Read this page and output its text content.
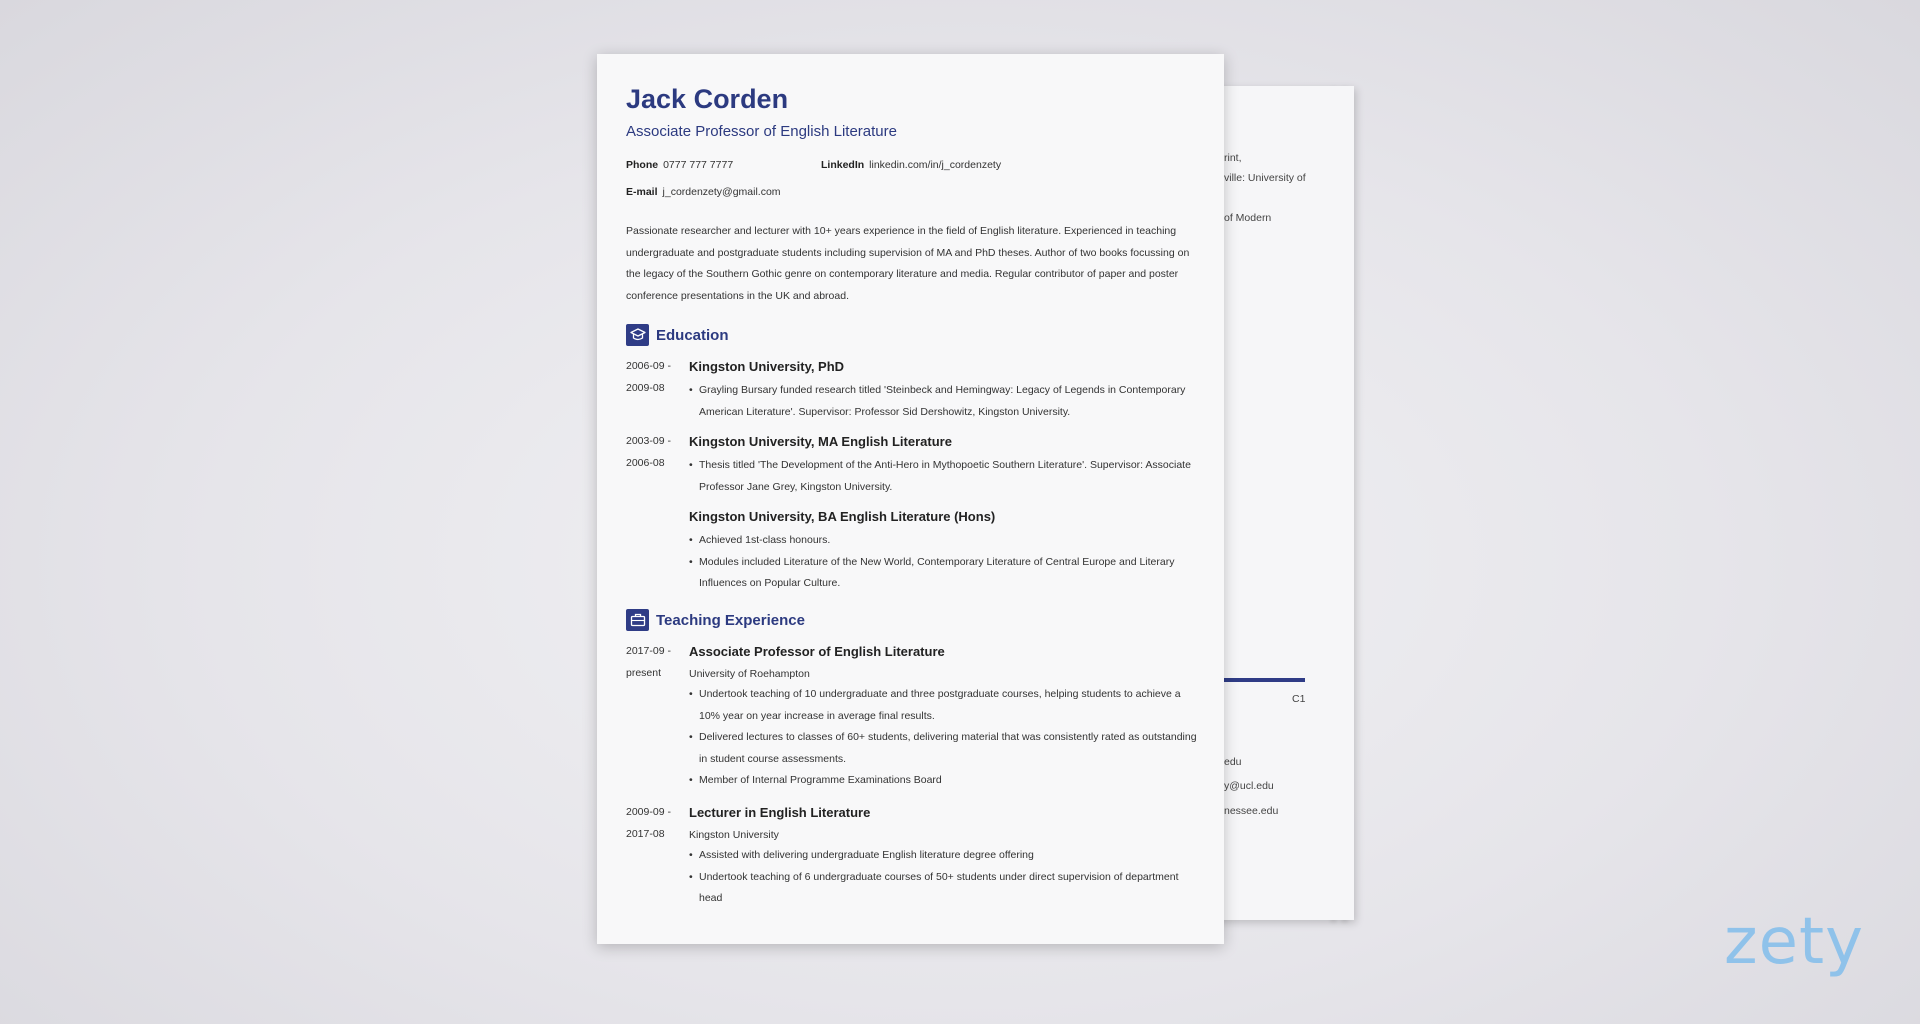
rint,
ville: University of
of Modern
C1
edu
y@ucl.edu
nessee.edu
Jack Corden
Associate Professor of English Literature
Phone 0777 777 7777	LinkedIn linkedin.com/in/j_cordenzety
E-mail j_cordenzety@gmail.com

Passionate researcher and lecturer with 10+ years experience in the field of English literature. Experienced in teaching undergraduate and postgraduate students including supervision of MA and PhD theses. Author of two books focussing on the legacy of the Southern Gothic genre on contemporary literature and media. Regular contributor of paper and poster conference presentations in the UK and abroad.

Education
2006-09 -
2009-08
Kingston University, PhD
• Grayling Bursary funded research titled 'Steinbeck and Hemingway: Legacy of Legends in Contemporary American Literature'. Supervisor: Professor Sid Dershowitz, Kingston University.
2003-09 -
2006-08
Kingston University, MA English Literature
• Thesis titled 'The Development of the Anti-Hero in Mythopoetic Southern Literature'. Supervisor: Associate Professor Jane Grey, Kingston University.
Kingston University, BA English Literature (Hons)
• Achieved 1st-class honours.
• Modules included Literature of the New World, Contemporary Literature of Central Europe and Literary Influences on Popular Culture.
Teaching Experience
2017-09 -
present
Associate Professor of English Literature
University of Roehampton
• Undertook teaching of 10 undergraduate and three postgraduate courses, helping students to achieve a 10% year on year increase in average final results.
• Delivered lectures to classes of 60+ students, delivering material that was consistently rated as outstanding in student course assessments.
• Member of Internal Programme Examinations Board
2009-09 -
2017-08
Lecturer in English Literature
Kingston University
• Assisted with delivering undergraduate English literature degree offering
• Undertook teaching of 6 undergraduate courses of 50+ students under direct supervision of department head
zety
